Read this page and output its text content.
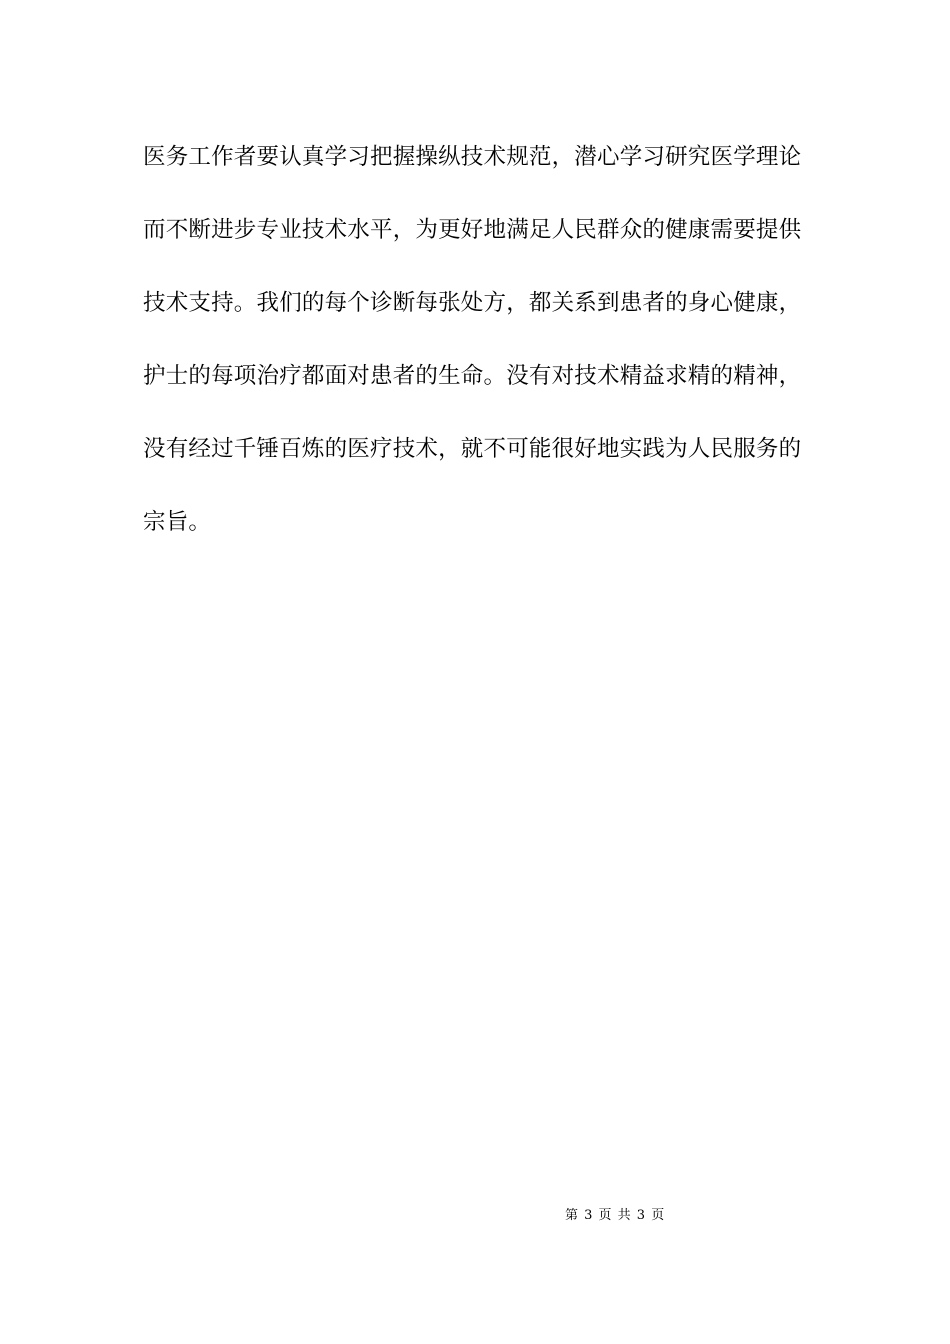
医务工作者要认真学习把握操纵技术规范，潜心学习研究医学理论
而不断进步专业技术水平，为更好地满足人民群众的健康需要提供
技术支持。我们的每个诊断每张处方，都关系到患者的身心健康，
护士的每项治疗都面对患者的生命。没有对技术精益求精的精神，
没有经过千锤百炼的医疗技术，就不可能很好地实践为人民服务的
宗旨。
第 3 页 共 3 页
